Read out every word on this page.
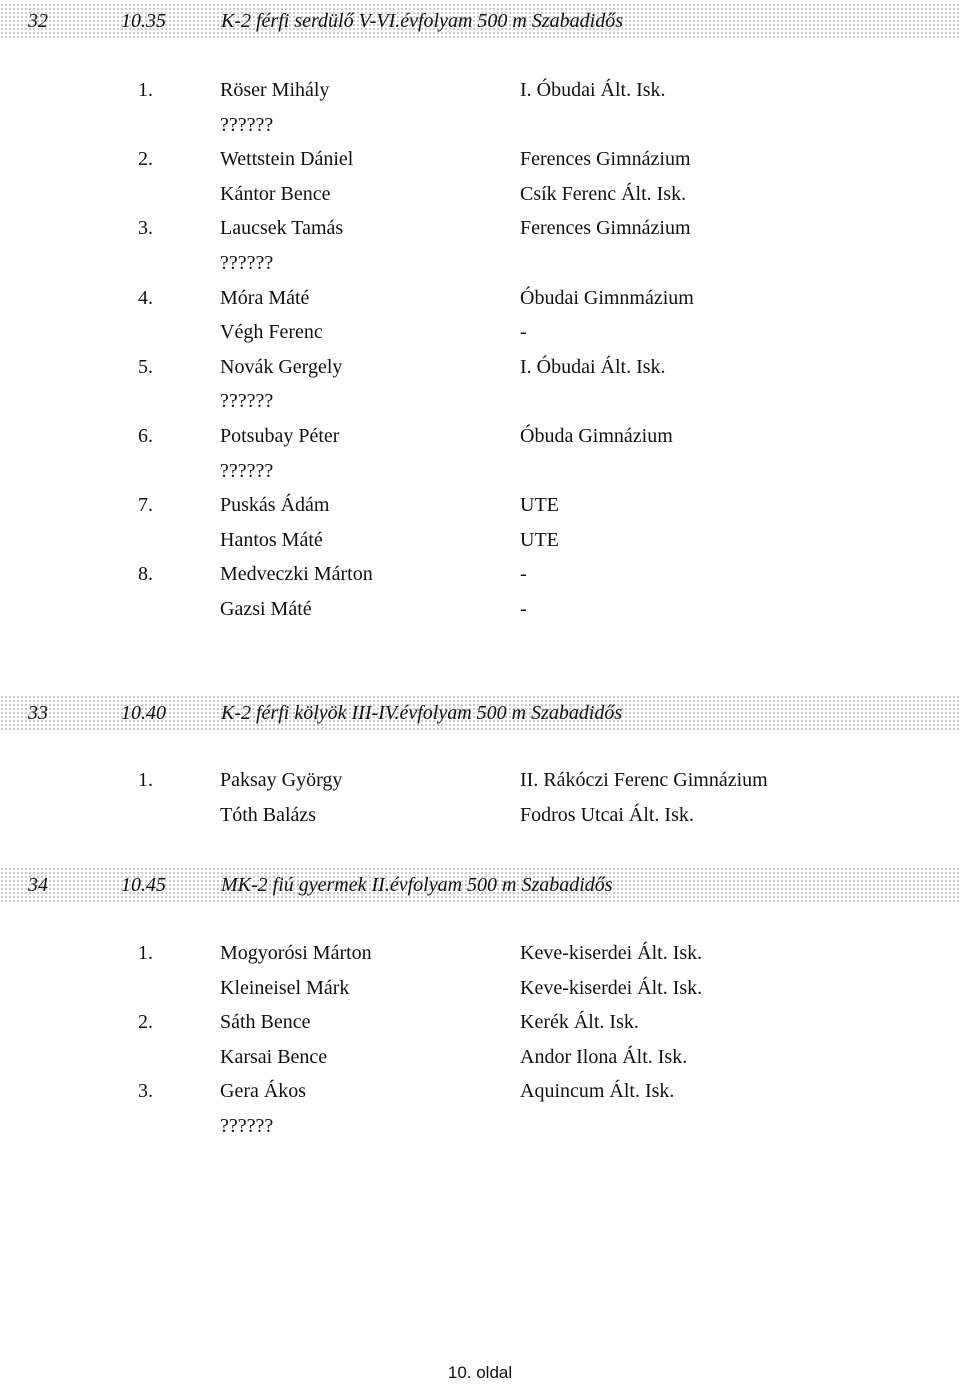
32	10.35	K-2 férfi serdülő V-VI.évfolyam 500 m Szabadidős
1.	Röser Mihály	I. Óbudai Ált. Isk.
??????
2.	Wettstein Dániel	Ferences Gimnázium
Kántor Bence	Csík Ferenc Ált. Isk.
3.	Laucsek Tamás	Ferences Gimnázium
??????
4.	Móra Máté	Óbudai Gimnmázium
Végh Ferenc	-
5.	Novák Gergely	I. Óbudai Ált. Isk.
??????
6.	Potsubay Péter	Óbuda Gimnázium
??????
7.	Puskás Ádám	UTE
Hantos Máté	UTE
8.	Medveczki Márton	-
Gazsi Máté	-
33	10.40	K-2 férfi kölyök III-IV.évfolyam 500 m Szabadidős
1.	Paksay György	II. Rákóczi Ferenc Gimnázium
Tóth Balázs	Fodros Utcai Ált. Isk.
34	10.45	MK-2 fiú gyermek II.évfolyam 500 m Szabadidős
1.	Mogyorósi Márton	Keve-kiserdei Ált. Isk.
Kleineisel Márk	Keve-kiserdei Ált. Isk.
2.	Sáth Bence	Kerék Ált. Isk.
Karsai Bence	Andor Ilona Ált. Isk.
3.	Gera Ákos	Aquincum Ált. Isk.
??????
10. oldal
